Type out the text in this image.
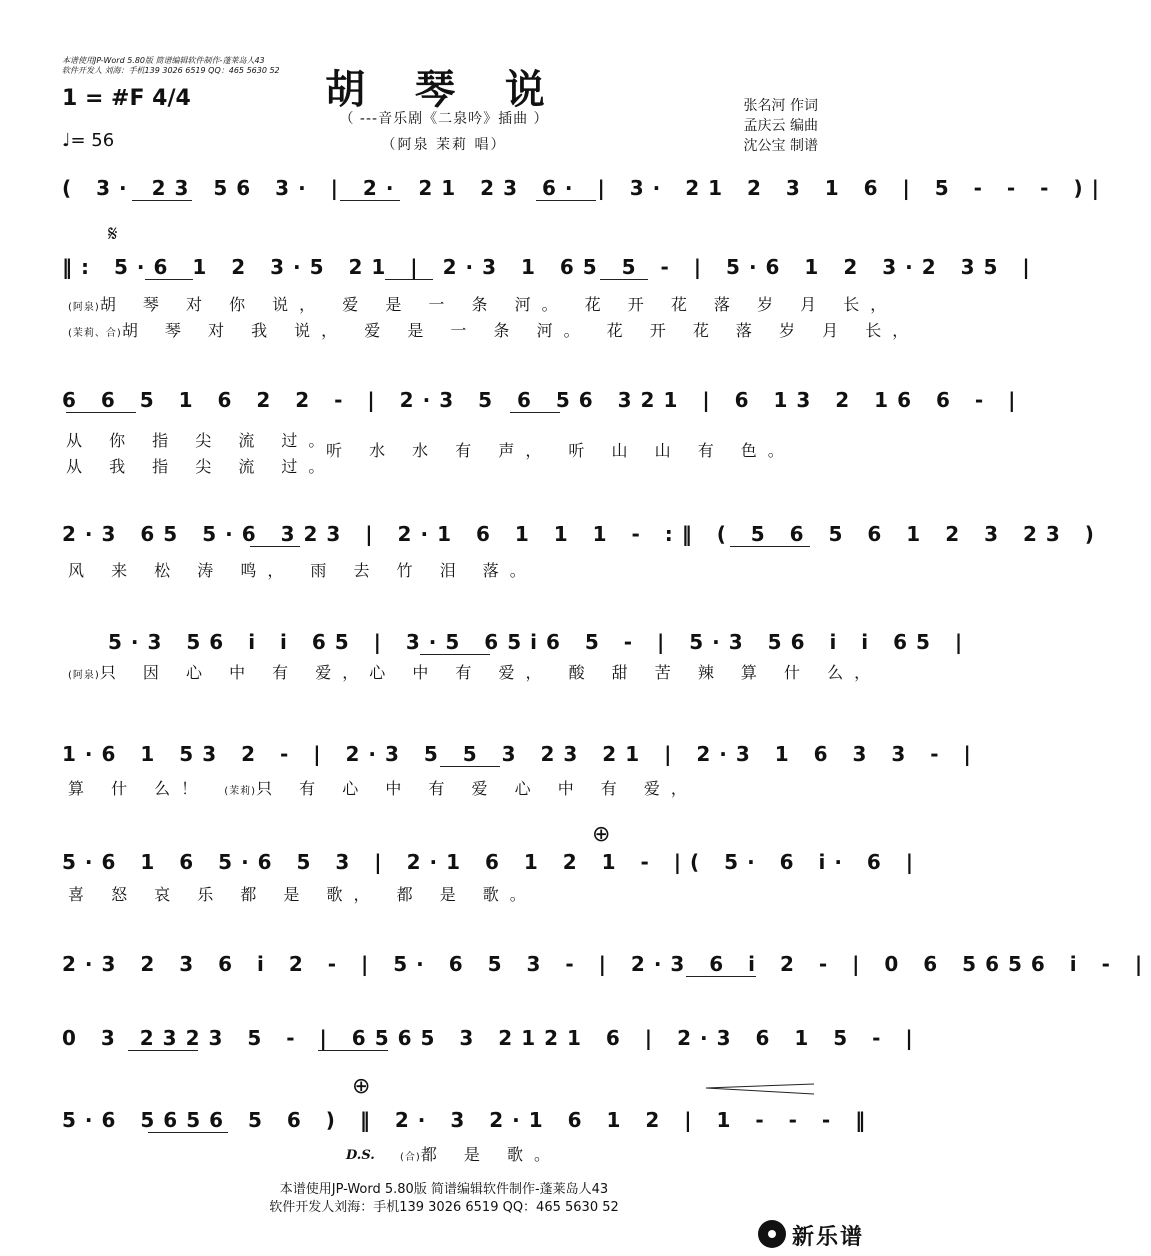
本谱使用JP-Word 5.80版 简谱编辑软件制作-蓬莱岛人43
软件开发人 刘海：手机139 3026 6519 QQ：465 5630 52	胡 琴 说
（ ---音乐剧《二泉吟》插曲 ）
（阿泉 茉莉 唱）
1 = #F 4/4
♩= 56
张名河 作词
孟庆云 编曲
沈公宝 制谱
( 3· 23 56 3· | 2· 21 23 6· | 3· 21 2 3 1 6 | 5 - - - )|
𝄋
‖: 5·6 1 2 3·5 21 | 2·3 1 65 5 - | 5·6 1 2 3·2 35 |
(阿泉)胡 琴 对 你 说， 爱 是 一 条 河。 花 开 花 落 岁 月 长，
(茉莉、合)胡 琴 对 我 说， 爱 是 一 条 河。 花 开 花 落 岁 月 长，
6 6 5 1 6 2 2 - | 2·3 5 6 56 321 | 6 13 2 16 6 - |
从 你 指 尖 流 过。
从 我 指 尖 流 过。
听 水 水 有 声， 听 山 山 有 色。
2·3 65 5·6 323 | 2·1 6 1 1 1 - :‖ ( 5 6 5 6 1 2 3 23 )
风 来 松 涛 鸣， 雨 去 竹 泪 落。
5·3 56 i i 65 | 3·5 65i6 5 - | 5·3 56 i i 65 |
(阿泉)只 因 心 中 有 爱，心 中 有 爱， 酸 甜 苦 辣 算 什 么，
1·6 1 53 2 - | 2·3 5 5 3 23 21 | 2·3 1 6 3 3 - |
算 什 么！ (茉莉)只 有 心 中 有 爱 心 中 有 爱，
⊕
5·6 1 6 5·6 5 3 | 2·1 6 1 2 1 - |( 5· 6 i· 6 |
喜 怒 哀 乐 都 是 歌， 都 是 歌。
2·3 2 3 6 i 2 - | 5· 6 5 3 - | 2·3 6 i 2 - | 0 6 5656 i - |
0 3 2323 5 - | 6565 3 2121 6 | 2·3 6 1 5 - |
⊕
5·6 5656 5 6 ) ‖ 2· 3 2·1 6 1 2 | 1 - - - ‖
D.S.	(合)都 是 歌。
本谱使用JP-Word 5.80版 简谱编辑软件制作-蓬莱岛人43
软件开发人刘海：手机139 3026 6519 QQ：465 5630 52
新乐谱
